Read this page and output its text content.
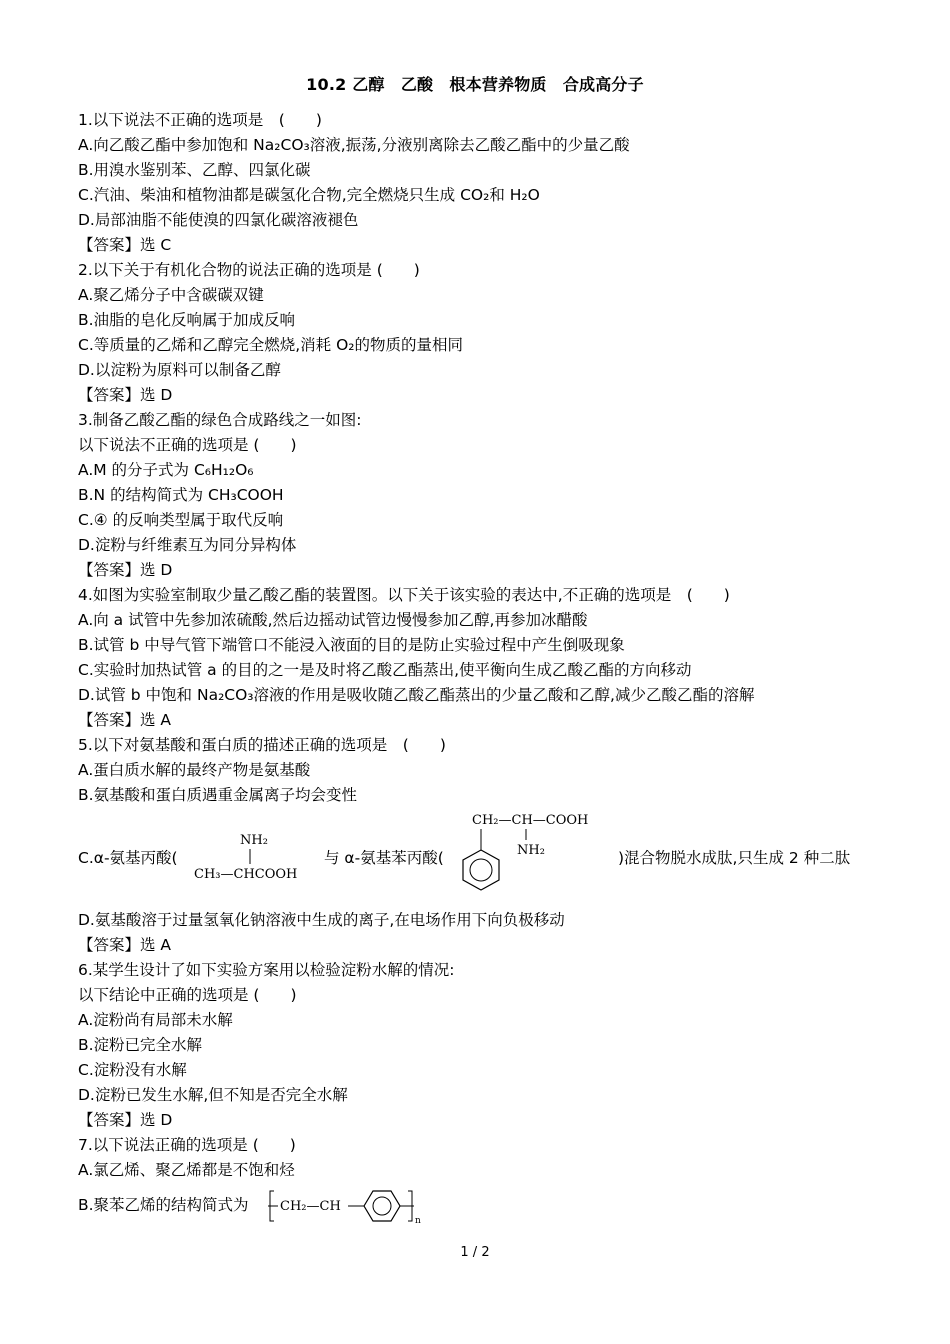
10.2 乙醇　乙酸　根本营养物质　合成高分子
1.以下说法不正确的选项是　(　　)
A.向乙酸乙酯中参加饱和 Na₂CO₃溶液,振荡,分液别离除去乙酸乙酯中的少量乙酸
B.用溴水鉴别苯、乙醇、四氯化碳
C.汽油、柴油和植物油都是碳氢化合物,完全燃烧只生成 CO₂和 H₂O
D.局部油脂不能使溴的四氯化碳溶液褪色
【答案】选 C
2.以下关于有机化合物的说法正确的选项是 (　　)
A.聚乙烯分子中含碳碳双键
B.油脂的皂化反响属于加成反响
C.等质量的乙烯和乙醇完全燃烧,消耗 O₂的物质的量相同
D.以淀粉为原料可以制备乙醇
【答案】选 D
3.制备乙酸乙酯的绿色合成路线之一如图:
以下说法不正确的选项是 (　　)
A.M 的分子式为 C₆H₁₂O₆
B.N 的结构简式为 CH₃COOH
C.④ 的反响类型属于取代反响
D.淀粉与纤维素互为同分异构体
【答案】选 D
4.如图为实验室制取少量乙酸乙酯的装置图。以下关于该实验的表达中,不正确的选项是　(　　)
A.向 a 试管中先参加浓硫酸,然后边摇动试管边慢慢参加乙醇,再参加冰醋酸
B.试管 b 中导气管下端管口不能浸入液面的目的是防止实验过程中产生倒吸现象
C.实验时加热试管 a 的目的之一是及时将乙酸乙酯蒸出,使平衡向生成乙酸乙酯的方向移动
D.试管 b 中饱和 Na₂CO₃溶液的作用是吸收随乙酸乙酯蒸出的少量乙酸和乙醇,减少乙酸乙酯的溶解
【答案】选 A
5.以下对氨基酸和蛋白质的描述正确的选项是　(　　)
A.蛋白质水解的最终产物是氨基酸
B.氨基酸和蛋白质遇重金属离子均会变性
C.α-氨基丙酸(
NH₂
CH₃—CHCOOH
与 α-氨基苯丙酸(
CH₂—CH—COOH
NH₂	)混合物脱水成肽,只生成 2 种二肽
D.氨基酸溶于过量氢氧化钠溶液中生成的离子,在电场作用下向负极移动
【答案】选 A
6.某学生设计了如下实验方案用以检验淀粉水解的情况:
以下结论中正确的选项是 (　　)
A.淀粉尚有局部未水解
B.淀粉已完全水解
C.淀粉没有水解
D.淀粉已发生水解,但不知是否完全水解
【答案】选 D
7.以下说法正确的选项是 (　　)
A.氯乙烯、聚乙烯都是不饱和烃
B.聚苯乙烯的结构简式为 CH₂—CH
n
1 / 2
